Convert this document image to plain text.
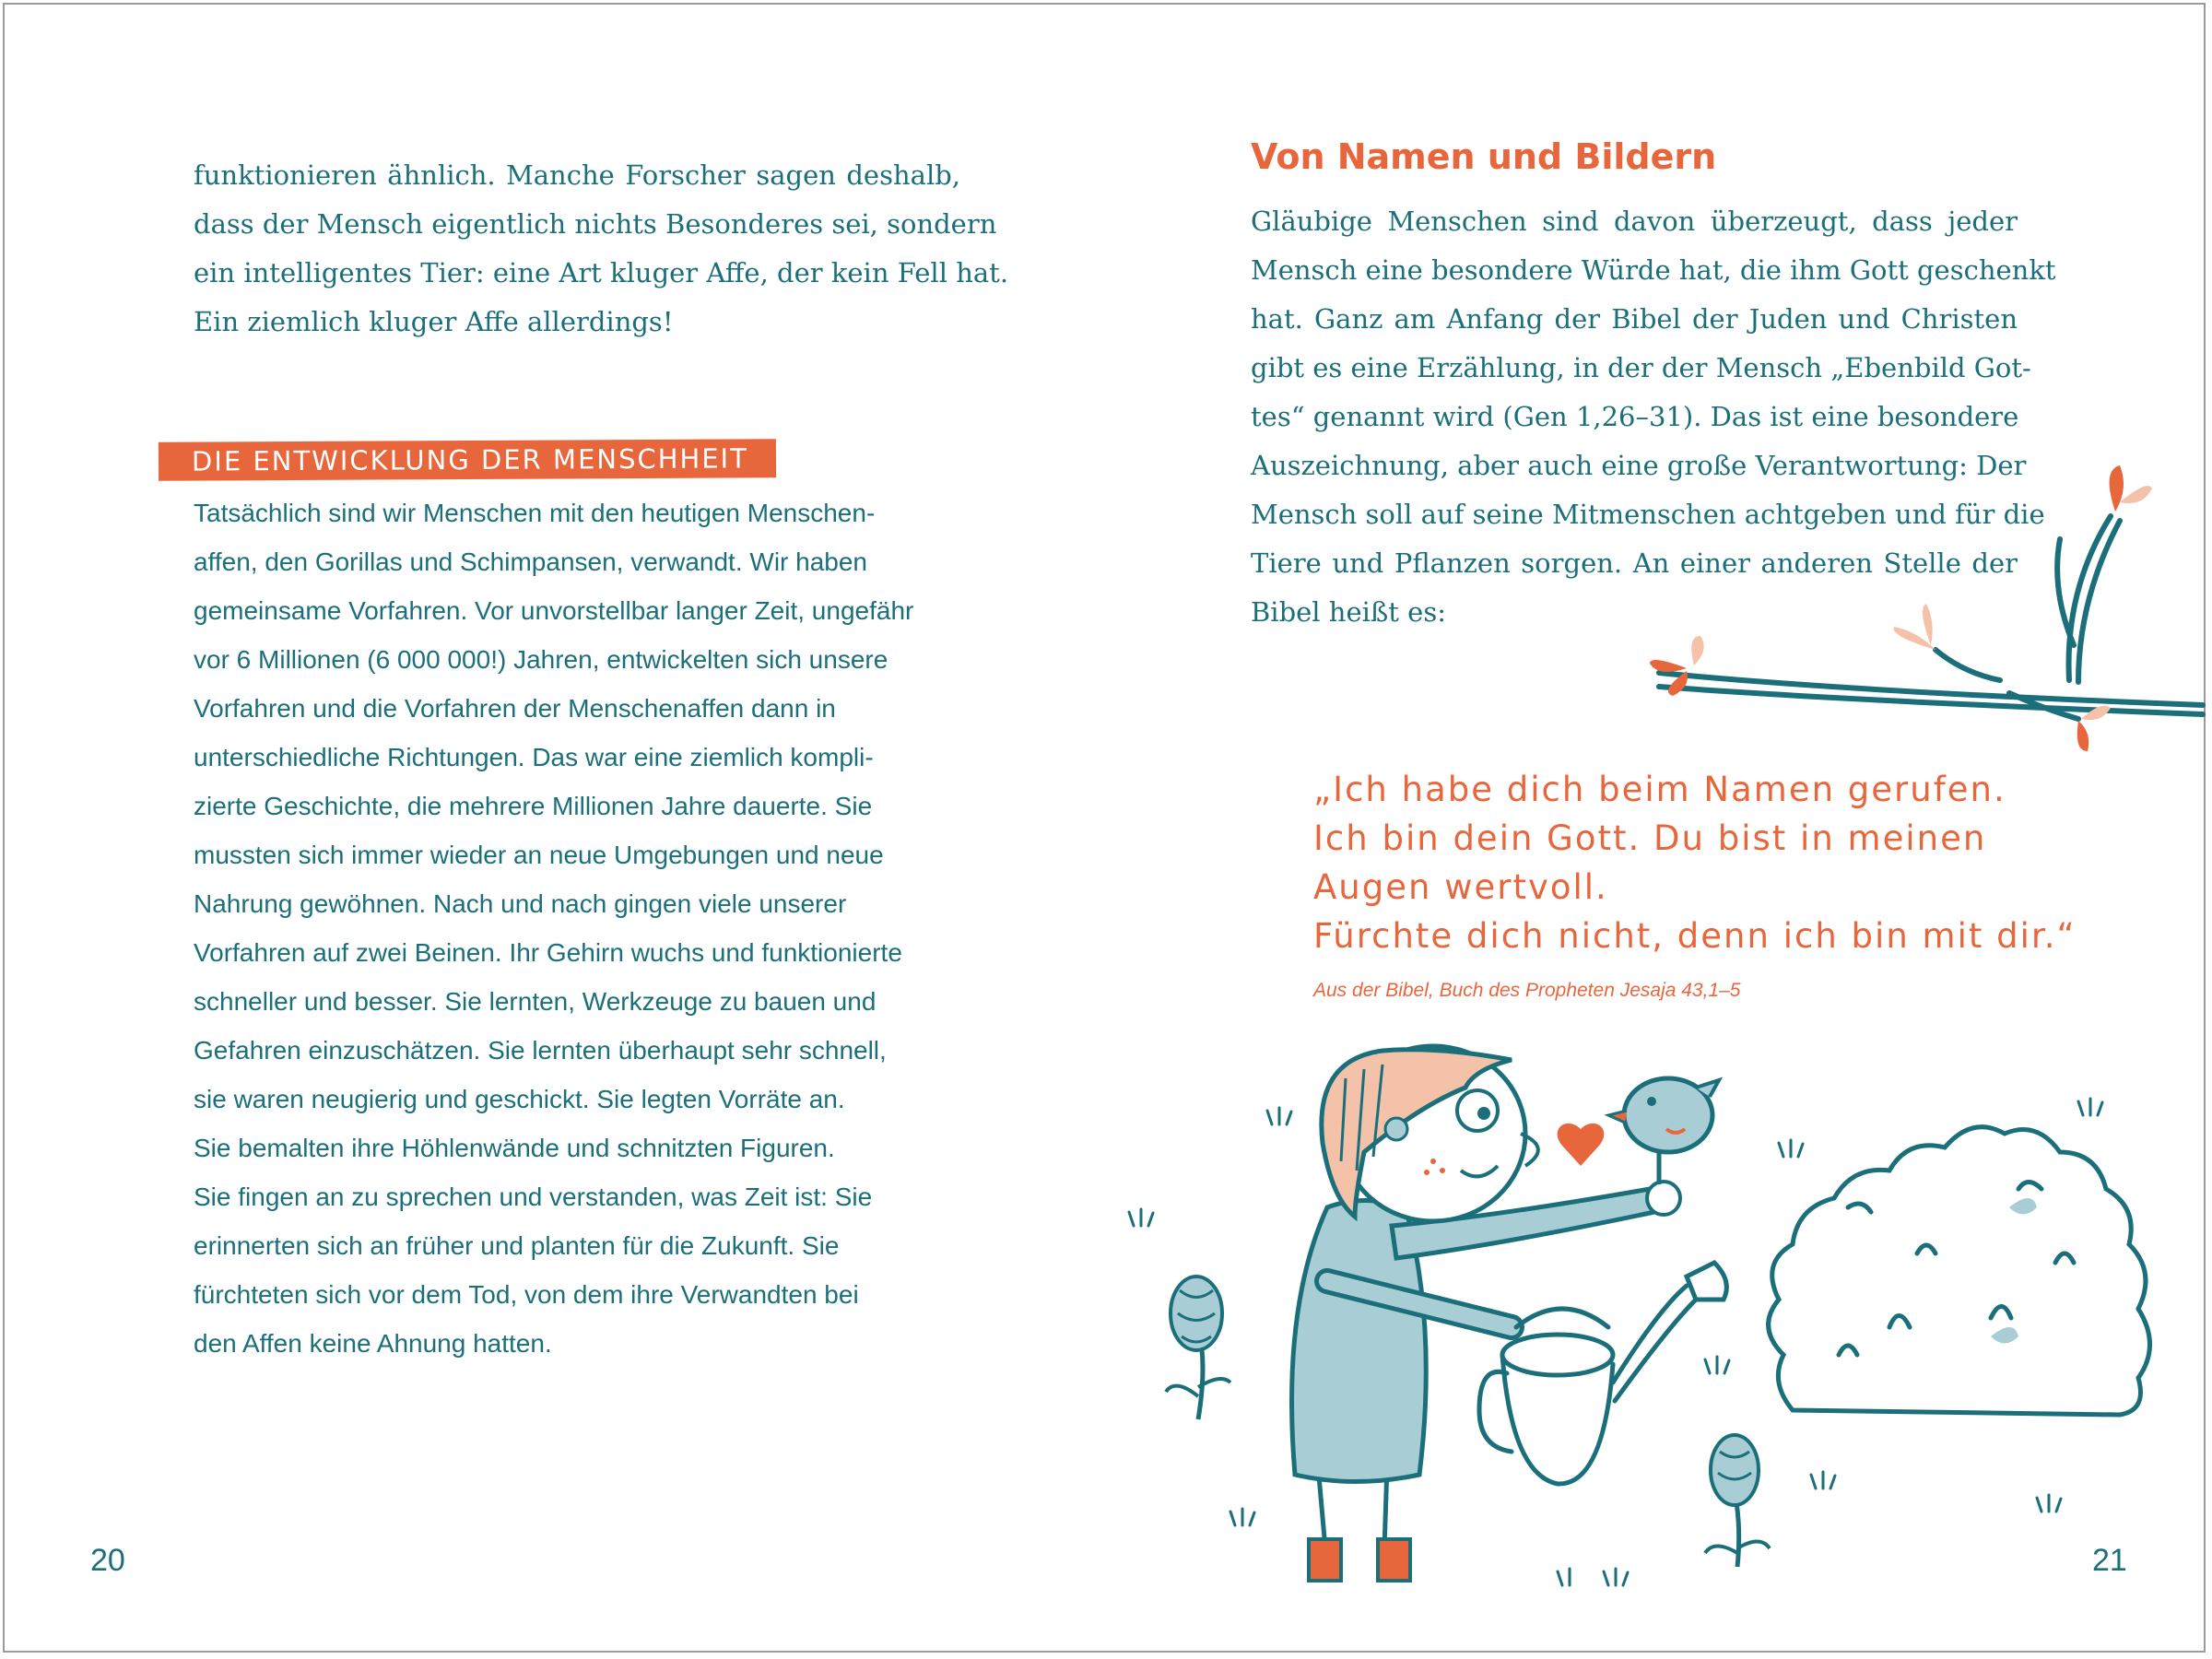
funktionieren ähnlich. Manche Forscher sagen deshalb,
dass der Mensch eigentlich nichts Besonderes sei, sondern
ein intelligentes Tier: eine Art kluger Affe, der kein Fell hat.
Ein ziemlich kluger Affe allerdings!
DIE ENTWICKLUNG DER MENSCHHEIT
Tatsächlich sind wir Menschen mit den heutigen Menschen-
affen, den Gorillas und Schimpansen, verwandt. Wir haben
gemeinsame Vorfahren. Vor unvorstellbar langer Zeit, ungefähr
vor 6 Millionen (6 000 000!) Jahren, entwickelten sich unsere
Vorfahren und die Vorfahren der Menschenaffen dann in
unterschiedliche Richtungen. Das war eine ziemlich kompli-
zierte Geschichte, die mehrere Millionen Jahre dauerte. Sie
mussten sich immer wieder an neue Umgebungen und neue
Nahrung gewöhnen. Nach und nach gingen viele unserer
Vorfahren auf zwei Beinen. Ihr Gehirn wuchs und funktionierte
schneller und besser. Sie lernten, Werkzeuge zu bauen und
Gefahren einzuschätzen. Sie lernten überhaupt sehr schnell,
sie waren neugierig und geschickt. Sie legten Vorräte an.
Sie bemalten ihre Höhlenwände und schnitzten Figuren.
Sie fingen an zu sprechen und verstanden, was Zeit ist: Sie
erinnerten sich an früher und planten für die Zukunft. Sie
fürchteten sich vor dem Tod, von dem ihre Verwandten bei
den Affen keine Ahnung hatten.
20
Von Namen und Bildern
Gläubige Menschen sind davon überzeugt, dass jeder
Mensch eine besondere Würde hat, die ihm Gott geschenkt
hat. Ganz am Anfang der Bibel der Juden und Christen
gibt es eine Erzählung, in der der Mensch „Ebenbild Got-
tes“ genannt wird (Gen 1,26–31). Das ist eine besondere
Auszeichnung, aber auch eine große Verantwortung: Der
Mensch soll auf seine Mitmenschen achtgeben und für die
Tiere und Pflanzen sorgen. An einer anderen Stelle der
Bibel heißt es:
„Ich habe dich beim Namen gerufen.
Ich bin dein Gott. Du bist in meinen
Augen wertvoll.
Fürchte dich nicht, denn ich bin mit dir.“
Aus der Bibel, Buch des Propheten Jesaja 43,1–5
21
